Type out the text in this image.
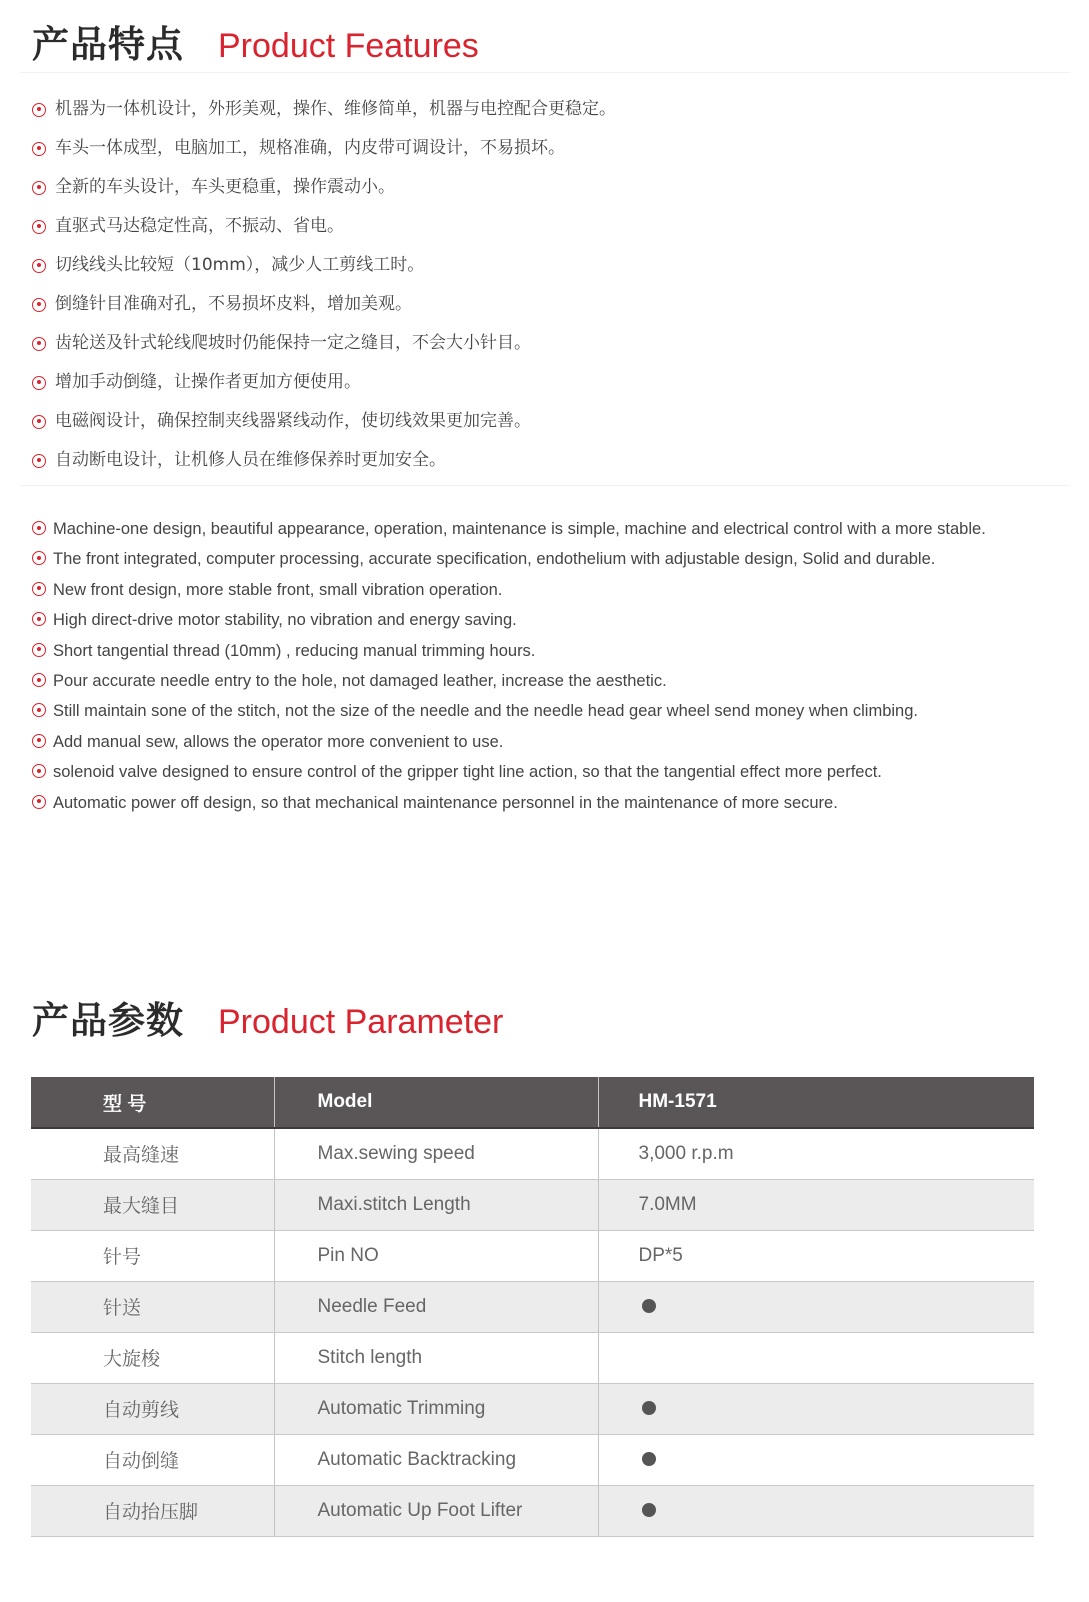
产品特点 Product Features
机器为一体机设计，外形美观，操作、维修简单，机器与电控配合更稳定。
车头一体成型，电脑加工，规格准确，内皮带可调设计，不易损坏。
全新的车头设计，车头更稳重，操作震动小。
直驱式马达稳定性高，不振动、省电。
切线线头比较短（10mm），减少人工剪线工时。
倒缝针目准确对孔，不易损坏皮料，增加美观。
齿轮送及针式轮线爬坡时仍能保持一定之缝目，不会大小针目。
增加手动倒缝，让操作者更加方便使用。
电磁阀设计，确保控制夹线器紧线动作，使切线效果更加完善。
自动断电设计，让机修人员在维修保养时更加安全。
Machine-one design, beautiful appearance, operation, maintenance is simple, machine and electrical control with a more stable.
The front integrated, computer processing, accurate specification, endothelium with adjustable design, Solid and durable.
New front design, more stable front, small vibration operation.
High direct-drive motor stability, no vibration and energy saving.
Short tangential thread (10mm) , reducing manual trimming hours.
Pour accurate needle entry to the hole, not damaged leather, increase the aesthetic.
Still maintain sone of the stitch, not the size of the needle and the needle head gear wheel send money when climbing.
Add manual sew, allows the operator more convenient to use.
solenoid valve designed to ensure control of the gripper tight line action, so that the tangential effect more perfect.
Automatic power off design, so that mechanical maintenance personnel in the maintenance of more secure.
产品参数 Product Parameter
型 号	Model	HM-1571
最高缝速	Max.sewing speed	3,000 r.p.m
最大缝目	Maxi.stitch Length	7.0MM
针号	Pin NO	DP*5
针送	Needle Feed	
大旋梭	Stitch length	
自动剪线	Automatic Trimming	
自动倒缝	Automatic Backtracking	
自动抬压脚	Automatic Up Foot Lifter	
